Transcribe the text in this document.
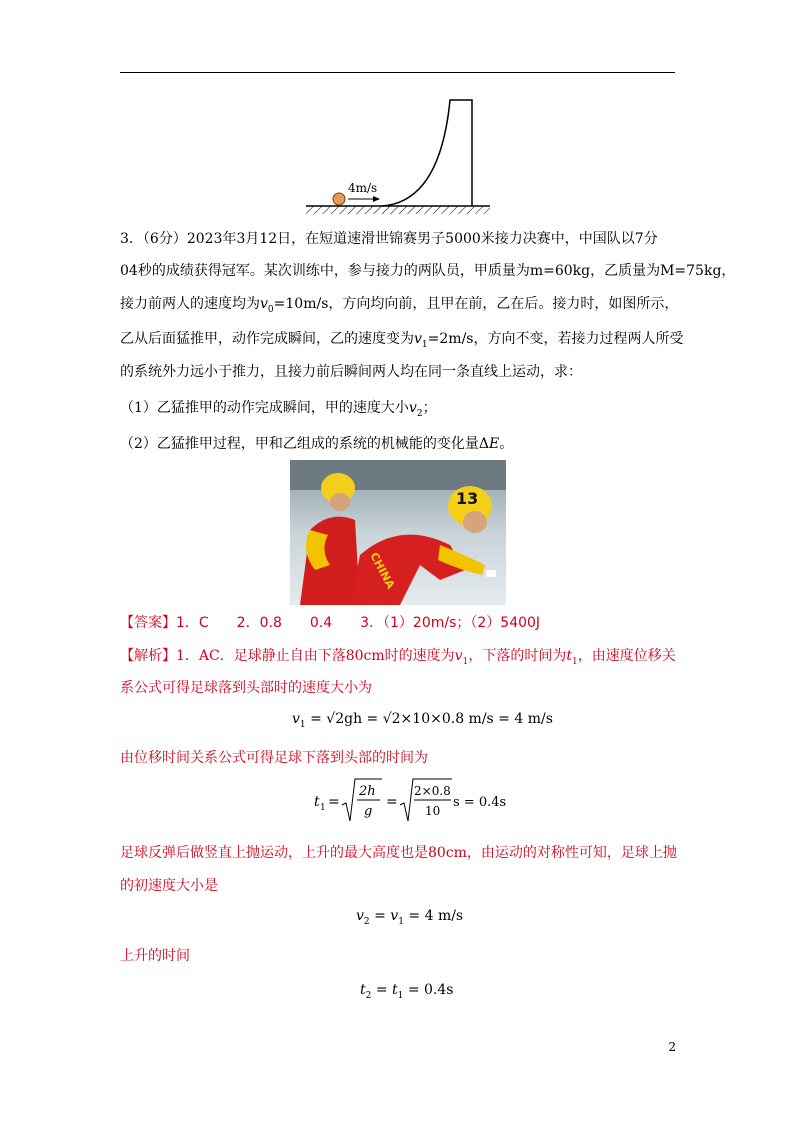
4m/s
3．（6分）2023年3月12日，在短道速滑世锦赛男子5000米接力决赛中，中国队以7分
04秒的成绩获得冠军。某次训练中，参与接力的两队员，甲质量为m=60kg，乙质量为M=75kg，
接力前两人的速度均为$v_0=10m/s$，方向均向前，且甲在前，乙在后。接力时，如图所示，
乙从后面猛推甲，动作完成瞬间，乙的速度变为$v_1=2m/s$，方向不变，若接力过程两人所受
的系统外力远小于推力，且接力前后瞬间两人均在同一条直线上运动，求：
（1）乙猛推甲的动作完成瞬间，甲的速度大小$v_2$；
（2）乙猛推甲过程，甲和乙组成的系统的机械能的变化量ΔE。
13
CHINA
【答案】1．C　　2．0.8　　0.4　　3．（1）20m/s；（2）5400J
【解析】1．AC．足球静止自由下落80cm时的速度为$v_1$，下落的时间为$t_1$，由速度位移关
系公式可得足球落到头部时的速度大小为
$v_1 = √2gh = √2\times 10\times 0.8$ m/s = 4 m/s
由位移时间关系公式可得足球下落到头部的时间为
t 1 =
2h
g
=
2×0.8
10
s = 0.4s
足球反弹后做竖直上抛运动，上升的最大高度也是80cm，由运动的对称性可知，足球上抛
的初速度大小是
$v_2 = v_1 = 4$ m/s
上升的时间
$t_2 = t_1 = 0.4s$
2
